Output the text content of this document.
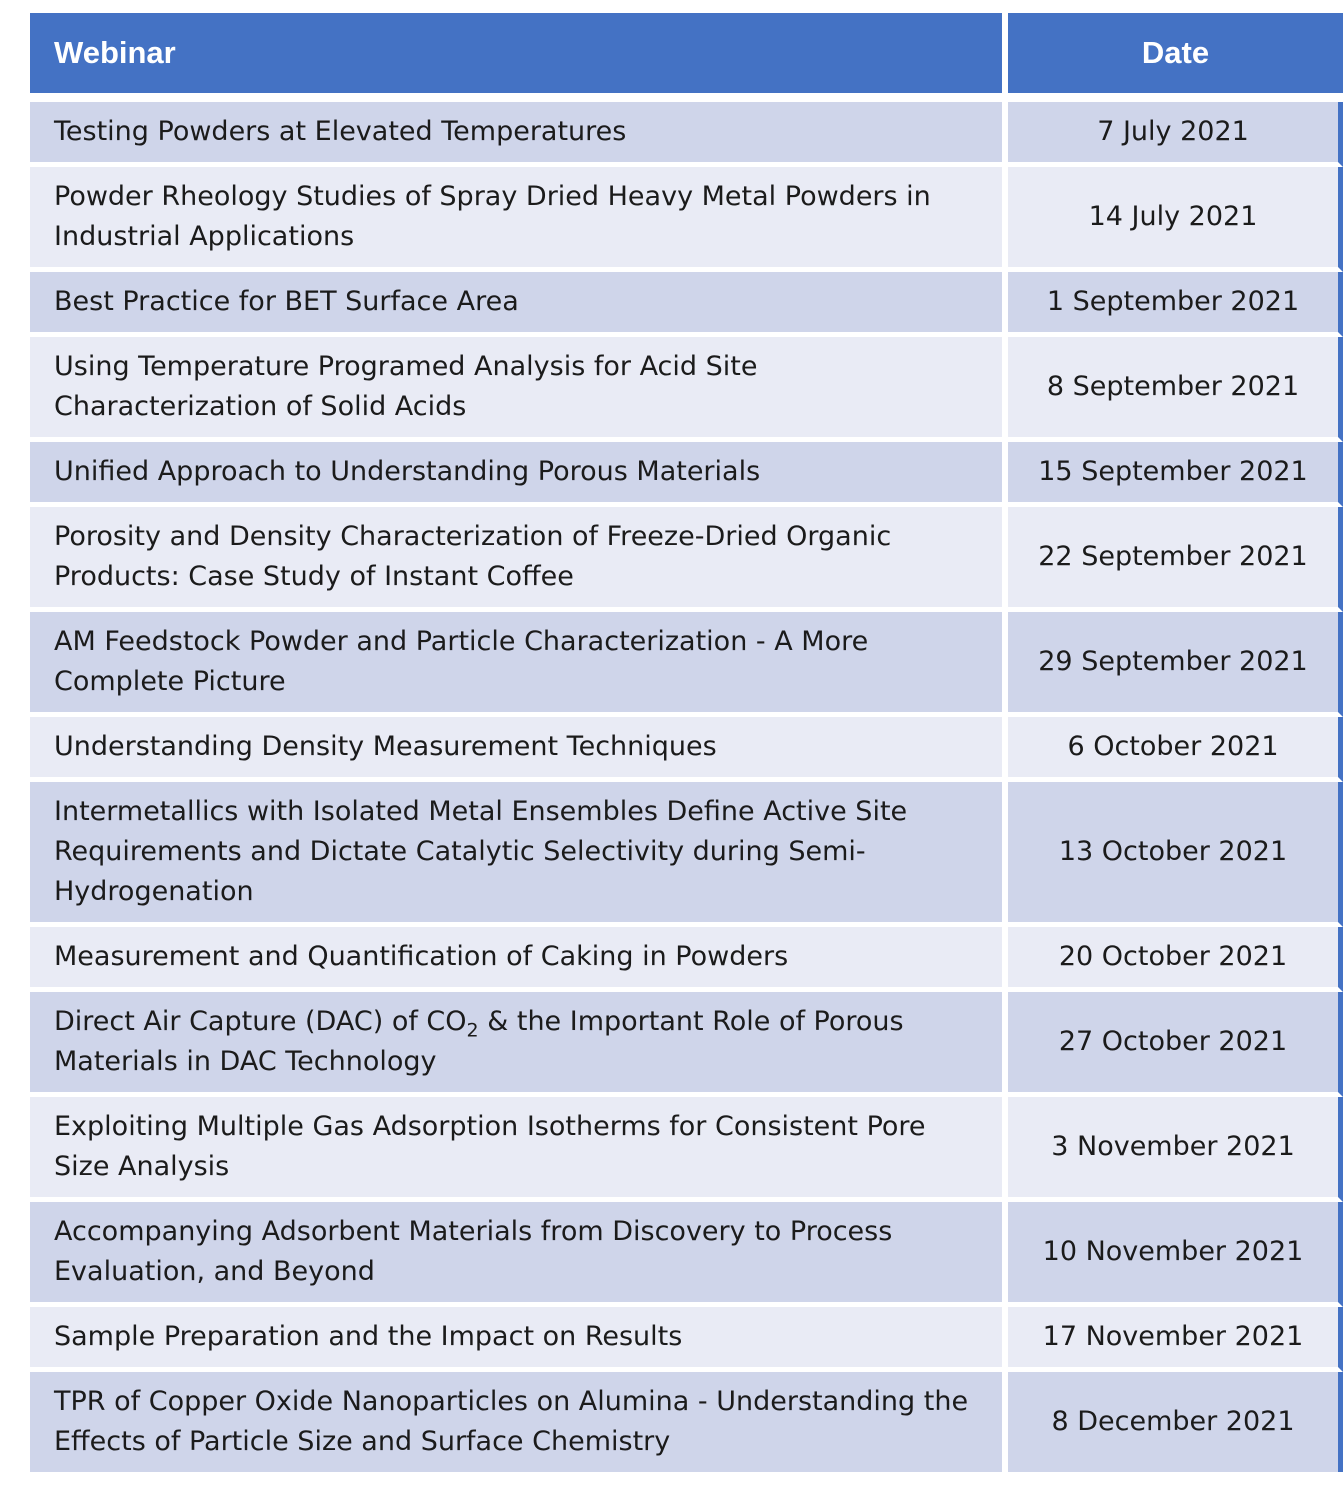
Webinar	Date
Testing Powders at Elevated Temperatures	7 July 2021
Powder Rheology Studies of Spray Dried Heavy Metal Powders in Industrial Applications	14 July 2021
Best Practice for BET Surface Area	1 September 2021
Using Temperature Programed Analysis for Acid Site Characterization of Solid Acids	8 September 2021
Unified Approach to Understanding Porous Materials	15 September 2021
Porosity and Density Characterization of Freeze-Dried Organic Products: Case Study of Instant Coffee	22 September 2021
AM Feedstock Powder and Particle Characterization - A More Complete Picture	29 September 2021
Understanding Density Measurement Techniques	6 October 2021
Intermetallics with Isolated Metal Ensembles Define Active Site Requirements and Dictate Catalytic Selectivity during Semi-Hydrogenation	13 October 2021
Measurement and Quantification of Caking in Powders	20 October 2021
Direct Air Capture (DAC) of $CO_2$ & the Important Role of Porous Materials in DAC Technology	27 October 2021
Exploiting Multiple Gas Adsorption Isotherms for Consistent Pore Size Analysis	3 November 2021
Accompanying Adsorbent Materials from Discovery to Process Evaluation, and Beyond	10 November 2021
Sample Preparation and the Impact on Results	17 November 2021
TPR of Copper Oxide Nanoparticles on Alumina - Understanding the Effects of Particle Size and Surface Chemistry	8 December 2021
